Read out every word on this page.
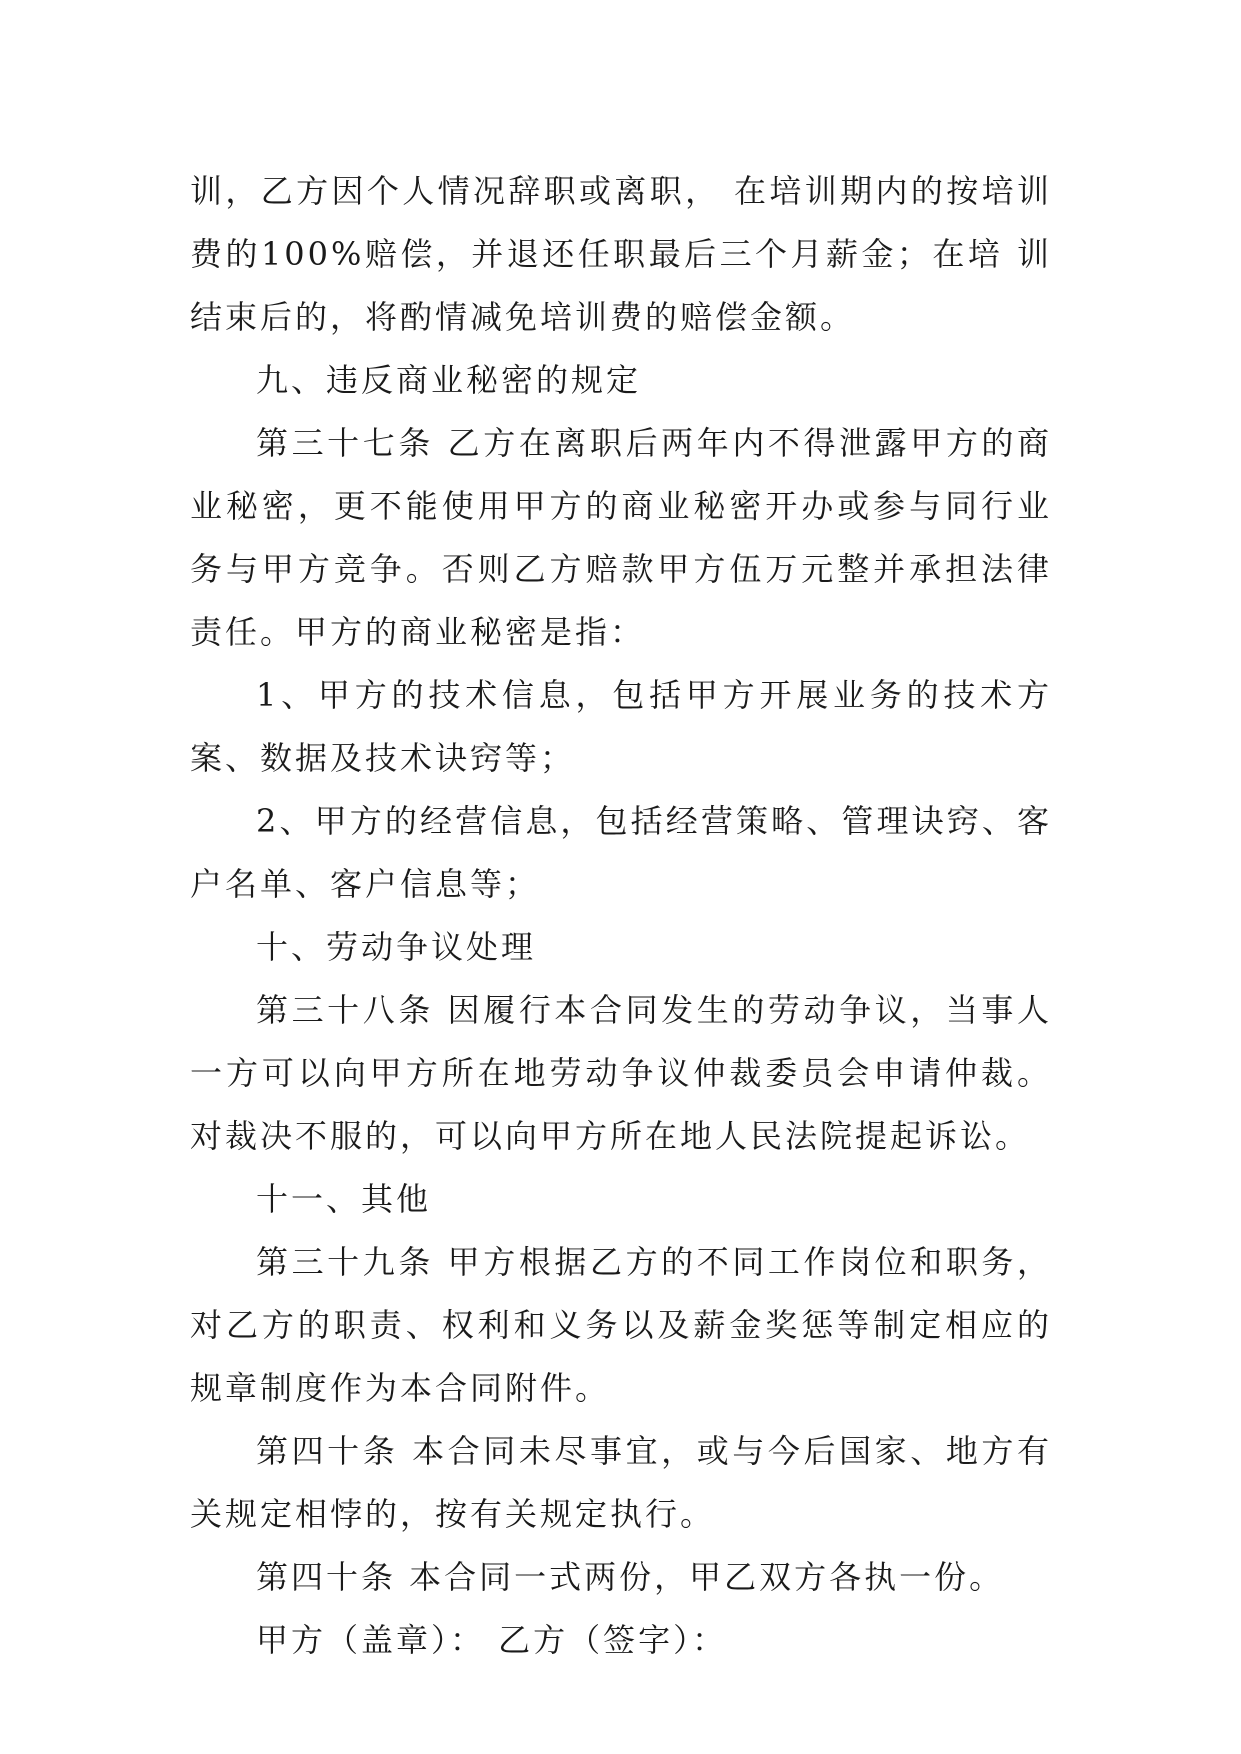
训，乙方因个人情况辞职或离职， 在培训期内的按培训费的100%赔偿，并退还任职最后三个月薪金；在培 训结束后的，将酌情减免培训费的赔偿金额。

九、违反商业秘密的规定

第三十七条 乙方在离职后两年内不得泄露甲方的商业秘密，更不能使用甲方的商业秘密开办或参与同行业务与甲方竞争。否则乙方赔款甲方伍万元整并承担法律责任。甲方的商业秘密是指：

1、甲方的技术信息，包括甲方开展业务的技术方案、数据及技术诀窍等；

2、甲方的经营信息，包括经营策略、管理诀窍、客户名单、客户信息等；

十、劳动争议处理

第三十八条 因履行本合同发生的劳动争议，当事人一方可以向甲方所在地劳动争议仲裁委员会申请仲裁。对裁决不服的，可以向甲方所在地人民法院提起诉讼。

十一、其他

第三十九条 甲方根据乙方的不同工作岗位和职务，对乙方的职责、权利和义务以及薪金奖惩等制定相应的规章制度作为本合同附件。

第四十条 本合同未尽事宜，或与今后国家、地方有关规定相悖的，按有关规定执行。

第四十条 本合同一式两份，甲乙双方各执一份。

甲方（盖章）： 乙方（签字）：
